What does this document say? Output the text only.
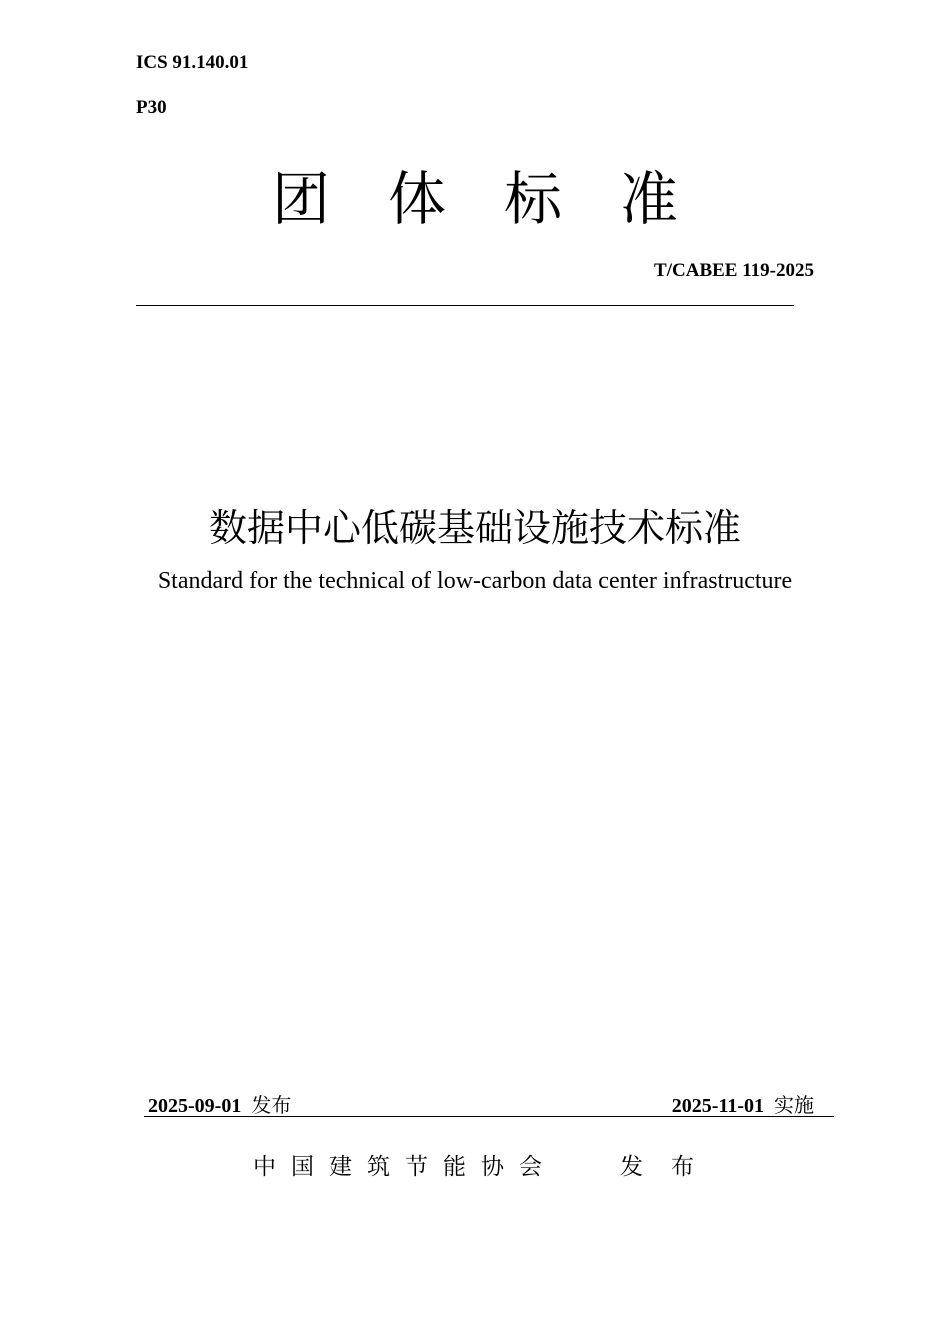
ICS 91.140.01
P30
团体标准
T/CABEE 119-2025
数据中心低碳基础设施技术标准
Standard for the technical of low-carbon data center infrastructure
2025-09-01 发布	2025-11-01 实施
中国建筑节能协会	发布
